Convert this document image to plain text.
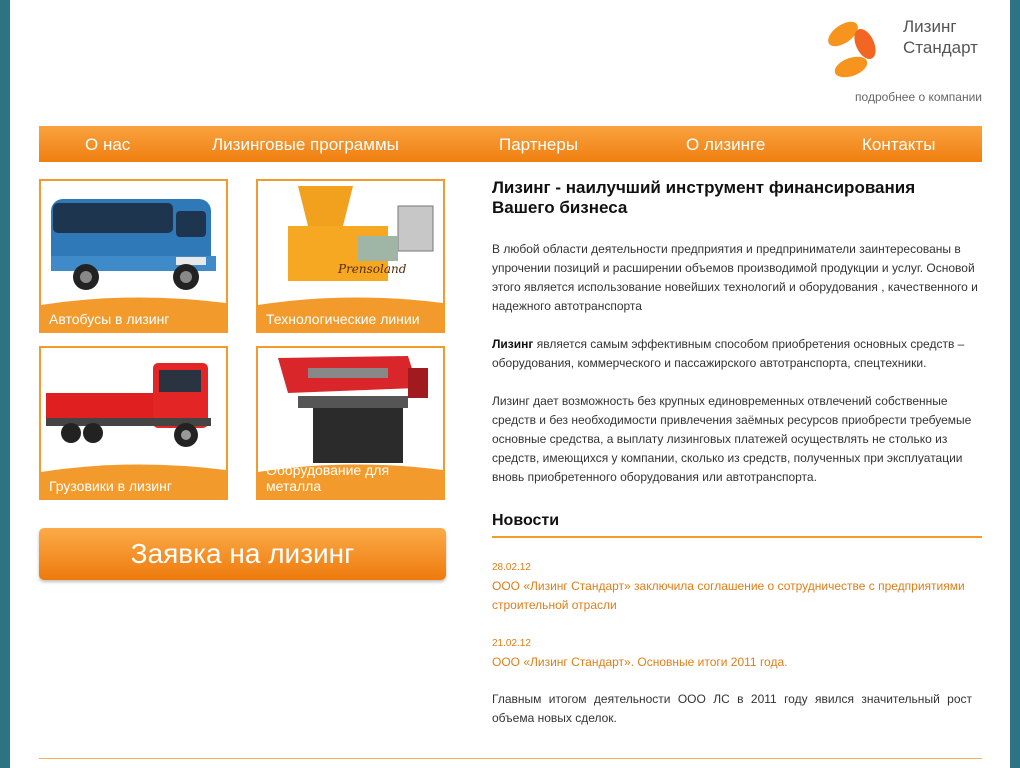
Лизинг
Стандарт
подробнее о компании
О нас	Лизинговые программы	Партнеры	О лизинге	Контакты
Автобусы в лизинг
Prensoland
Технологические линии
Грузовики в лизинг
Оборудование для металла
Заявка на лизинг
Лизинг - наилучший инструмент финансирования Вашего бизнеса

В любой области деятельности предприятия и предприниматели заинтересованы в упрочении позиций и расширении объемов производимой продукции и услуг. Основой этого является использование новейших технологий и оборудования , качественного и надежного автотранспорта

Лизинг является самым эффективным способом приобретения основных средств – оборудования, коммерческого и пассажирского автотранспорта, спецтехники.

Лизинг дает возможность без крупных единовременных отвлечений собственные средств и без необходимости привлечения заёмных ресурсов приобрести требуемые основные средства, а выплату лизинговых платежей осуществлять не столько из средств, имеющихся у компании, сколько из средств, полученных при эксплуатации вновь приобретенного оборудования или автотранспорта.

Новости
28.02.12
ООО «Лизинг Стандарт» заключила соглашение о сотрудничестве с предприятиями строительной отрасли
21.02.12
ООО «Лизинг Стандарт». Основные итоги 2011 года.

Главным итогом деятельности ООО ЛС в 2011 году явился значительный рост объема новых сделок.
